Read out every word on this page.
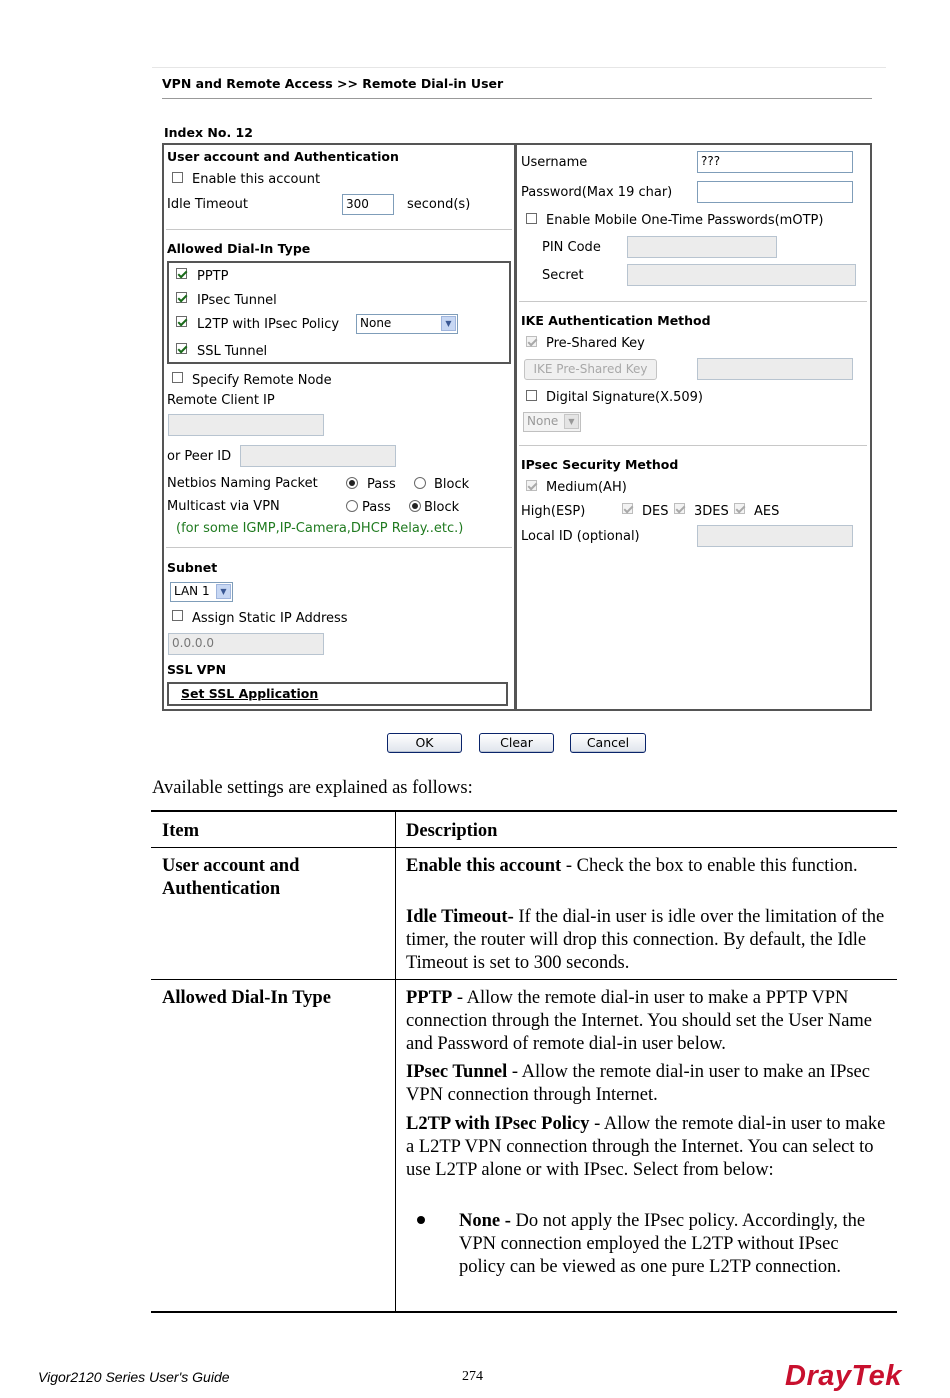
VPN and Remote Access >> Remote Dial-in User
Index No. 12
User account and Authentication
Enable this account
Idle Timeout	300	second(s)
Allowed Dial-In Type
PPTP
IPsec Tunnel
L2TP with IPsec Policy	None	▼
SSL Tunnel
Specify Remote Node
Remote Client IP
or Peer ID
Netbios Naming Packet	Pass	Block
Multicast via VPN	Pass	Block
(for some IGMP,IP-Camera,DHCP Relay..etc.)
Subnet
LAN 1	▼
Assign Static IP Address
0.0.0.0
SSL VPN
Set SSL Application
Username	???
Password(Max 19 char)
Enable Mobile One-Time Passwords(mOTP)
PIN Code
Secret
IKE Authentication Method
Pre-Shared Key
IKE Pre-Shared Key
Digital Signature(X.509)
None	▼
IPsec Security Method
Medium(AH)
High(ESP)	DES 3DES AES
Local ID (optional)
OK	Clear	Cancel
Available settings are explained as follows:
Item	Description
User account and
Authentication
Enable this account - Check the box to enable this function.
Idle Timeout- If the dial-in user is idle over the limitation of the timer, the router will drop this connection. By default, the Idle Timeout is set to 300 seconds.
Allowed Dial-In Type	PPTP - Allow the remote dial-in user to make a PPTP VPN connection through the Internet. You should set the User Name and Password of remote dial-in user below.
IPsec Tunnel - Allow the remote dial-in user to make an IPsec VPN connection through Internet.
L2TP with IPsec Policy - Allow the remote dial-in user to make a L2TP VPN connection through the Internet. You can select to use L2TP alone or with IPsec. Select from below:
None - Do not apply the IPsec policy. Accordingly, the VPN connection employed the L2TP without IPsec policy can be viewed as one pure L2TP connection.
Vigor2120 Series User's Guide	274	DrayTek
